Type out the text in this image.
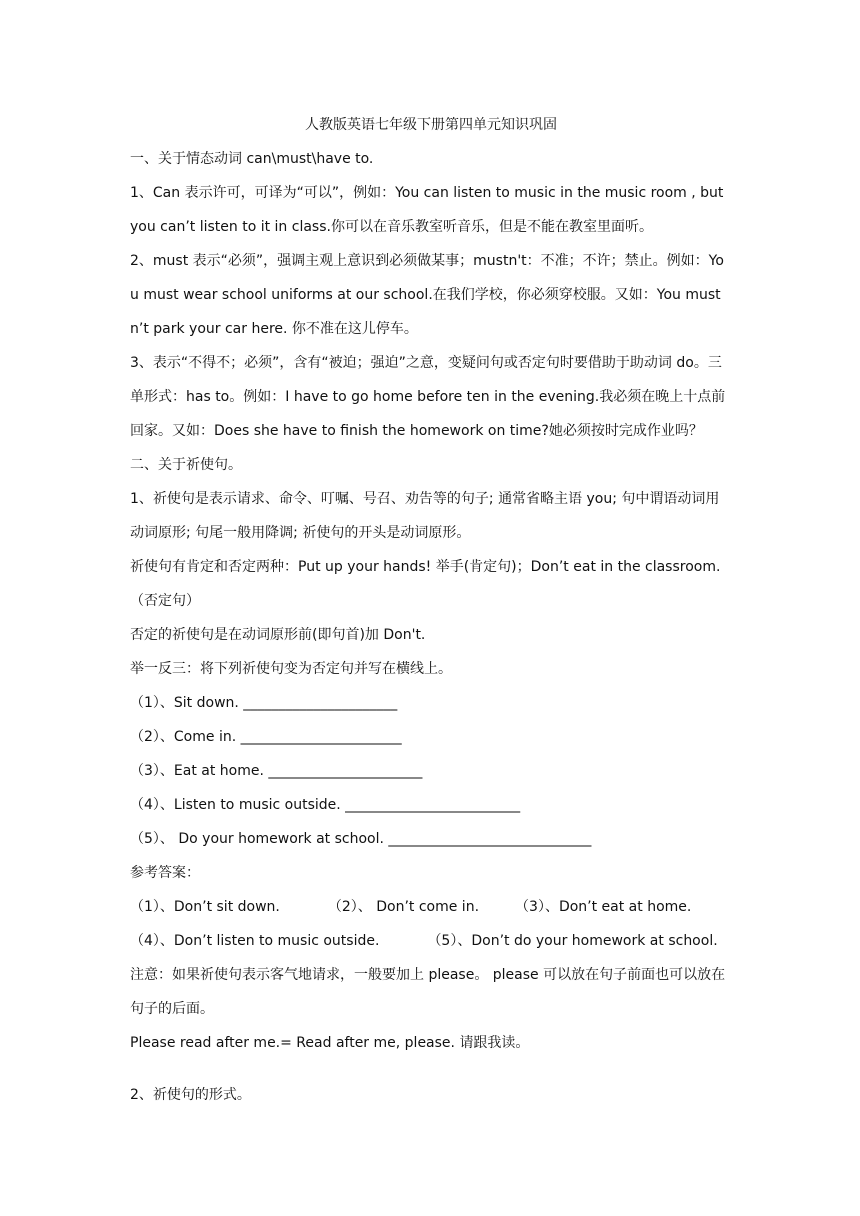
人教版英语七年级下册第四单元知识巩固

一、关于情态动词 can\must\have to.

1、Can 表示许可，可译为“可以”，例如：You can listen to music in the music room , but you can’t listen to it in class.你可以在音乐教室听音乐，但是不能在教室里面听。

2、must 表示“必须”，强调主观上意识到必须做某事；mustn't：不准；不许；禁止。例如：You must wear school uniforms at our school.在我们学校，你必须穿校服。又如：You mustn’t park your car here. 你不准在这儿停车。

3、表示“不得不；必须”，含有“被迫；强迫”之意，变疑问句或否定句时要借助于助动词 do。三单形式：has to。例如：I have to go home before ten in the evening.我必须在晚上十点前回家。又如：Does she have to finish the homework on time?她必须按时完成作业吗？

二、关于祈使句。

1、祈使句是表示请求、命令、叮嘱、号召、劝告等的句子; 通常省略主语 you; 句中谓语动词用动词原形; 句尾一般用降调; 祈使句的开头是动词原形。

祈使句有肯定和否定两种：Put up your hands! 举手(肯定句)；Don’t eat in the classroom. （否定句）

否定的祈使句是在动词原形前(即句首)加 Don't.

举一反三：将下列祈使句变为否定句并写在横线上。

（1）、Sit down. ______________________

（2）、Come in. _______________________

（3）、Eat at home. ______________________

（4）、Listen to music outside. _________________________

（5）、 Do your homework at school. _____________________________

参考答案：

（1）、Don’t sit down.	（2）、 Don’t come in.	（3）、Don’t eat at home.

（4）、Don’t listen to music outside.	（5）、Don’t do your homework at school.

注意：如果祈使句表示客气地请求，一般要加上 please。 please 可以放在句子前面也可以放在句子的后面。

Please read after me.= Read after me, please. 请跟我读。

2、祈使句的形式。
